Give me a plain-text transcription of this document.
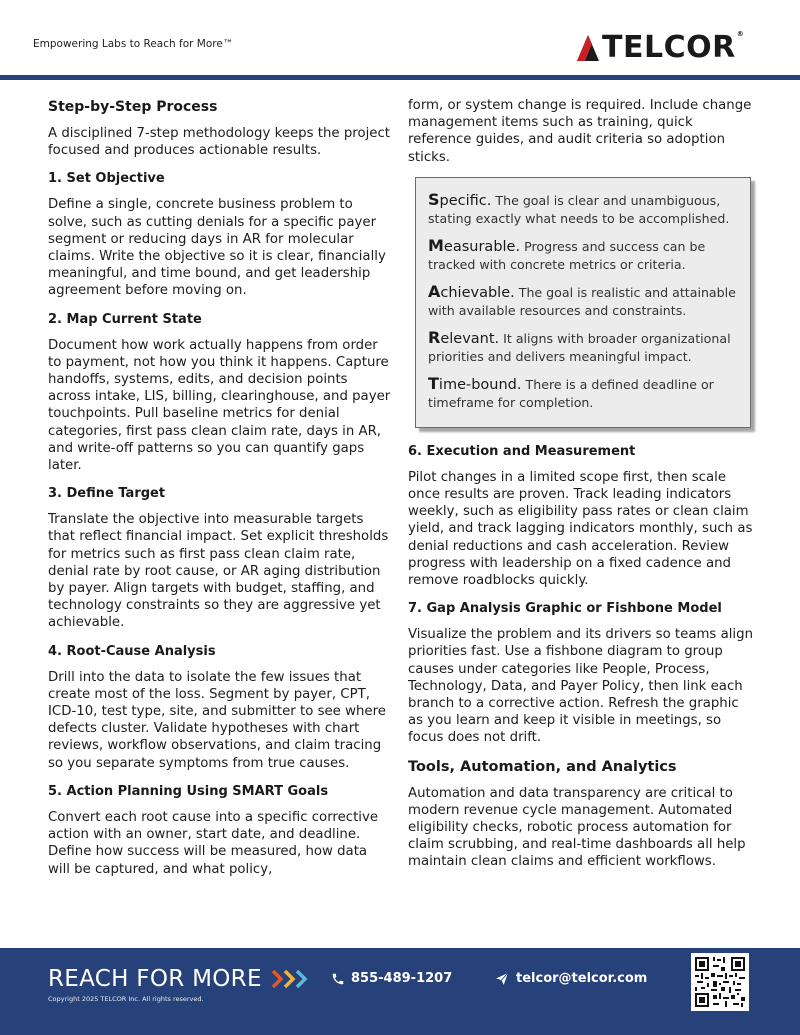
Empowering Labs to Reach for More™	TELCOR®
Step-by-Step Process

A disciplined 7-step methodology keeps the project focused and produces actionable results.

1. Set Objective

Define a single, concrete business problem to solve, such as cutting denials for a specific payer segment or reducing days in AR for molecular claims. Write the objective so it is clear, financially meaningful, and time bound, and get leadership agreement before moving on.

2. Map Current State

Document how work actually happens from order to payment, not how you think it happens. Capture handoffs, systems, edits, and decision points across intake, LIS, billing, clearinghouse, and payer touchpoints. Pull baseline metrics for denial categories, first pass clean claim rate, days in AR, and write-off patterns so you can quantify gaps later.

3. Define Target

Translate the objective into measurable targets that reflect financial impact. Set explicit thresholds for metrics such as first pass clean claim rate, denial rate by root cause, or AR aging distribution by payer. Align targets with budget, staffing, and technology constraints so they are aggressive yet achievable.

4. Root-Cause Analysis

Drill into the data to isolate the few issues that create most of the loss. Segment by payer, CPT, ICD-10, test type, site, and submitter to see where defects cluster. Validate hypotheses with chart reviews, workflow observations, and claim tracing so you separate symptoms from true causes.

5. Action Planning Using SMART Goals

Convert each root cause into a specific corrective action with an owner, start date, and deadline. Define how success will be measured, how data will be captured, and what policy,

form, or system change is required. Include change management items such as training, quick reference guides, and audit criteria so adoption sticks.

Specific. The goal is clear and unambiguous, stating exactly what needs to be accomplished.
Measurable. Progress and success can be tracked with concrete metrics or criteria.
Achievable. The goal is realistic and attainable with available resources and constraints.
Relevant. It aligns with broader organizational priorities and delivers meaningful impact.
Time-bound. There is a defined deadline or timeframe for completion.
6. Execution and Measurement

Pilot changes in a limited scope first, then scale once results are proven. Track leading indicators weekly, such as eligibility pass rates or clean claim yield, and track lagging indicators monthly, such as denial reductions and cash acceleration. Review progress with leadership on a fixed cadence and remove roadblocks quickly.

7. Gap Analysis Graphic or Fishbone Model

Visualize the problem and its drivers so teams align priorities fast. Use a fishbone diagram to group causes under categories like People, Process, Technology, Data, and Payer Policy, then link each branch to a corrective action. Refresh the graphic as you learn and keep it visible in meetings, so focus does not drift.

Tools, Automation, and Analytics

Automation and data transparency are critical to modern revenue cycle management. Automated eligibility checks, robotic process automation for claim scrubbing, and real-time dashboards all help maintain clean claims and efficient workflows.

REACH FOR MORE
Copyright 2025 TELCOR Inc. All rights reserved.
855-489-1207	telcor@telcor.com
